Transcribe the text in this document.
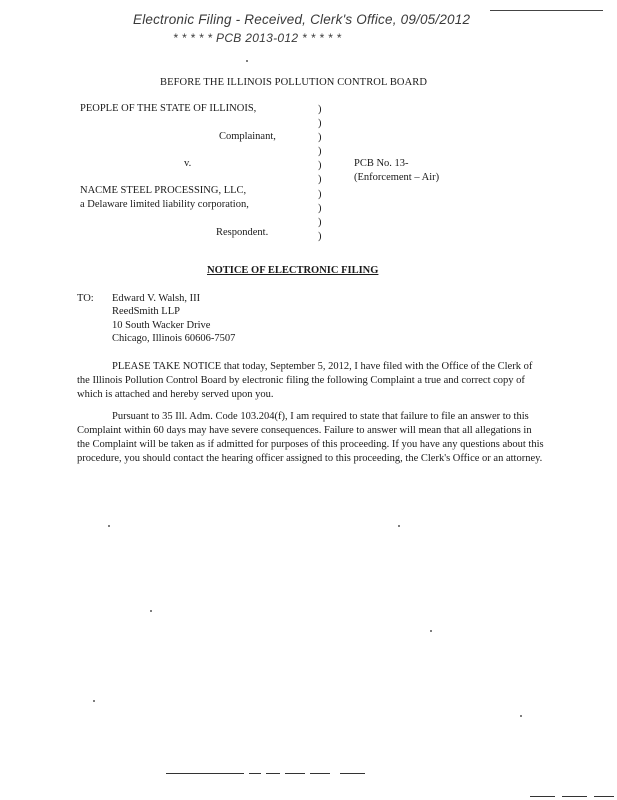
Electronic Filing - Received, Clerk's Office, 09/05/2012
* * * * * PCB 2013-012 * * * * *
BEFORE THE ILLINOIS POLLUTION CONTROL BOARD
PEOPLE OF THE STATE OF ILLINOIS,
Complainant,
v.
NACME STEEL PROCESSING, LLC,
a Delaware limited liability corporation,
Respondent.
)
)
)
)
)
)
)
)
)
)
PCB No. 13-
(Enforcement – Air)
NOTICE OF ELECTRONIC FILING
TO: Edward V. Walsh, III
ReedSmith LLP
10 South Wacker Drive
Chicago, Illinois 60606-7507
PLEASE TAKE NOTICE that today, September 5, 2012, I have filed with the Office of the Clerk of the Illinois Pollution Control Board by electronic filing the following Complaint a true and correct copy of which is attached and hereby served upon you.
Pursuant to 35 Ill. Adm. Code 103.204(f), I am required to state that failure to file an answer to this Complaint within 60 days may have severe consequences. Failure to answer will mean that all allegations in the Complaint will be taken as if admitted for purposes of this proceeding. If you have any questions about this procedure, you should contact the hearing officer assigned to this proceeding, the Clerk's Office or an attorney.
